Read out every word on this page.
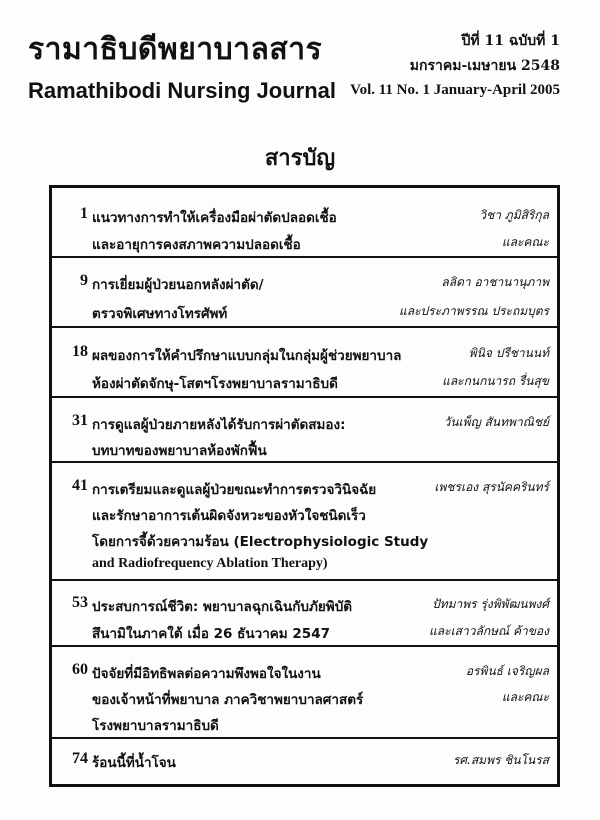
รามาธิบดีพยาบาลสาร
Ramathibodi Nursing Journal
ปีที่ 11 ฉบับที่ 1
มกราคม-เมษายน 2548
Vol. 11 No. 1 January-April 2005
สารบัญ
1 แนวทางการทำให้เครื่องมือผ่าตัดปลอดเชื้อ
และอายุการคงสภาพความปลอดเชื้อ
วิชา ภูมิสิริกุล
และคณะ
9 การเยี่ยมผู้ป่วยนอกหลังผ่าตัด/
ตรวจพิเศษทางโทรศัพท์
ลลิดา อาชานานุภาพ
และประภาพรรณ ประถมบุตร
18 ผลของการให้คำปรึกษาแบบกลุ่มในกลุ่มผู้ช่วยพยาบาล
ห้องผ่าตัดจักษุ-โสตฯโรงพยาบาลรามาธิบดี
พินิจ ปรีชานนท์
และกนกนารถ รื่นสุข
31 การดูแลผู้ป่วยภายหลังได้รับการผ่าตัดสมอง:
บทบาทของพยาบาลห้องพักฟื้น
วันเพ็ญ สันทพาณิชย์
41 การเตรียมและดูแลผู้ป่วยขณะทำการตรวจวินิจฉัย
และรักษาอาการเต้นผิดจังหวะของหัวใจชนิดเร็ว
โดยการจี้ด้วยความร้อน (Electrophysiologic Study
and Radiofrequency Ablation Therapy)
เพชรเอง สุรนัคครินทร์
53 ประสบการณ์ชีวิต: พยาบาลฉุกเฉินกับภัยพิบัติ
สึนามิในภาคใต้ เมื่อ 26 ธันวาคม 2547
ปัทมาพร รุ่งพิพัฒนพงศ์
และเสาวลักษณ์ ค้าของ
60 ปัจจัยที่มีอิทธิพลต่อความพึงพอใจในงาน
ของเจ้าหน้าที่พยาบาล ภาควิชาพยาบาลศาสตร์
โรงพยาบาลรามาธิบดี
อรพินธ์ เจริญผล
และคณะ
74 ร้อนนี้ที่น้ำโจน	รศ.สมพร ชินโนรส
